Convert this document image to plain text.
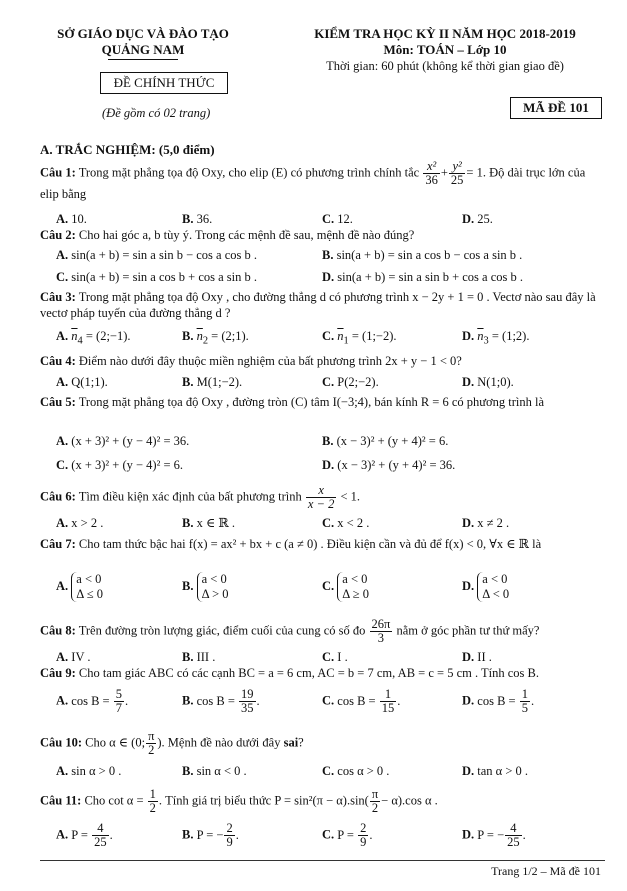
SỞ GIÁO DỤC VÀ ĐÀO TẠO
QUẢNG NAM
ĐỀ CHÍNH THỨC
(Đề gồm có 02 trang)
KIỂM TRA HỌC KỲ II NĂM HỌC 2018-2019
Môn: TOÁN – Lớp 10
Thời gian: 60 phút (không kể thời gian giao đề)
MÃ ĐỀ 101
A. TRẮC NGHIỆM: (5,0 điểm)
Câu 1: Trong mặt phẳng tọa độ Oxy, cho elip (E) có phương trình chính tắc $\frac{\text{x²}}{36} + \frac{\text{y²}}{25} = 1$. Độ dài trục lớn của elip bằng
A. 10.	B. 36.	C. 12.	D. 25.
Câu 2: Cho hai góc a, b tùy ý. Trong các mệnh đề sau, mệnh đề nào đúng?
A. sin(a + b) = sin a sin b − cos a cos b .	B. sin(a + b) = sin a cos b − cos a sin b .
C. sin(a + b) = sin a cos b + cos a sin b .	D. sin(a + b) = sin a sin b + cos a cos b .
Câu 3: Trong mặt phẳng tọa độ Oxy , cho đường thẳng d có phương trình x − 2y + 1 = 0 . Vectơ nào sau đây là vectơ pháp tuyến của đường thẳng d ?
A. $\overline{n}_4$ = (2;−1).	B. $\overline{n}_2$ = (2;1).	C. $\overline{n}_1$ = (1;−2).	D. $\overline{n}_3$ = (1;2).
Câu 4: Điểm nào dưới đây thuộc miền nghiệm của bất phương trình 2x + y − 1 < 0?
A. Q(1;1).	B. M(1;−2).	C. P(2;−2).	D. N(1;0).
Câu 5: Trong mặt phẳng tọa độ Oxy , đường tròn (C) tâm I(−3;4), bán kính R = 6 có phương trình là
A. (x + 3)² + (y − 4)² = 36.	B. (x − 3)² + (y + 4)² = 6.
C. (x + 3)² + (y − 4)² = 6.	D. (x − 3)² + (y + 4)² = 36.
Câu 6: Tìm điều kiện xác định của bất phương trình $\frac{x}{x - 2} < 1$.
A. x > 2 .	B. x ∈ ℝ .	C. x < 2 .	D. x ≠ 2 .
Câu 7: Cho tam thức bậc hai f(x) = ax² + bx + c (a ≠ 0) . Điều kiện cần và đủ để f(x) < 0, ∀x ∈ ℝ là
A.
a < 0
Δ ≤ 0
B.
a < 0
Δ > 0
C.
a < 0
Δ ≥ 0
D.
a < 0
Δ < 0
Câu 8: Trên đường tròn lượng giác, điểm cuối của cung có số đo $\frac{26\pi}{3}$ nằm ở góc phần tư thứ mấy?
A. IV .	B. III .	C. I .	D. II .
Câu 9: Cho tam giác ABC có các cạnh BC = a = 6 cm, AC = b = 7 cm, AB = c = 5 cm . Tính cos B.
A. $\cos B = \frac{5}{7}$ .	B. $\cos B = \frac{19}{35}$ .	C. $\cos B = \frac{1}{15}$ .	D. $\cos B = \frac{1}{5}$ .
Câu 10: Cho α ∈ (0; $\frac{\pi}{2}$ ). Mệnh đề nào dưới đây sai?
A. sin α > 0 .	B. sin α < 0 .	C. cos α > 0 .	D. tan α > 0 .
Câu 11: Cho $\cot \alpha = \frac{1}{2}$ . Tính giá trị biểu thức $P = \sin^2(\pi - \alpha).\sin( \frac{\pi}{2} - \alpha).\cos$ α .
A. $P = \frac{4}{25}$ .	B. P = − $\frac{2}{9}$ .	C. $P = \frac{2}{9}$ .	D. P = − $\frac{4}{25}$ .
Trang 1/2 – Mã đề 101
